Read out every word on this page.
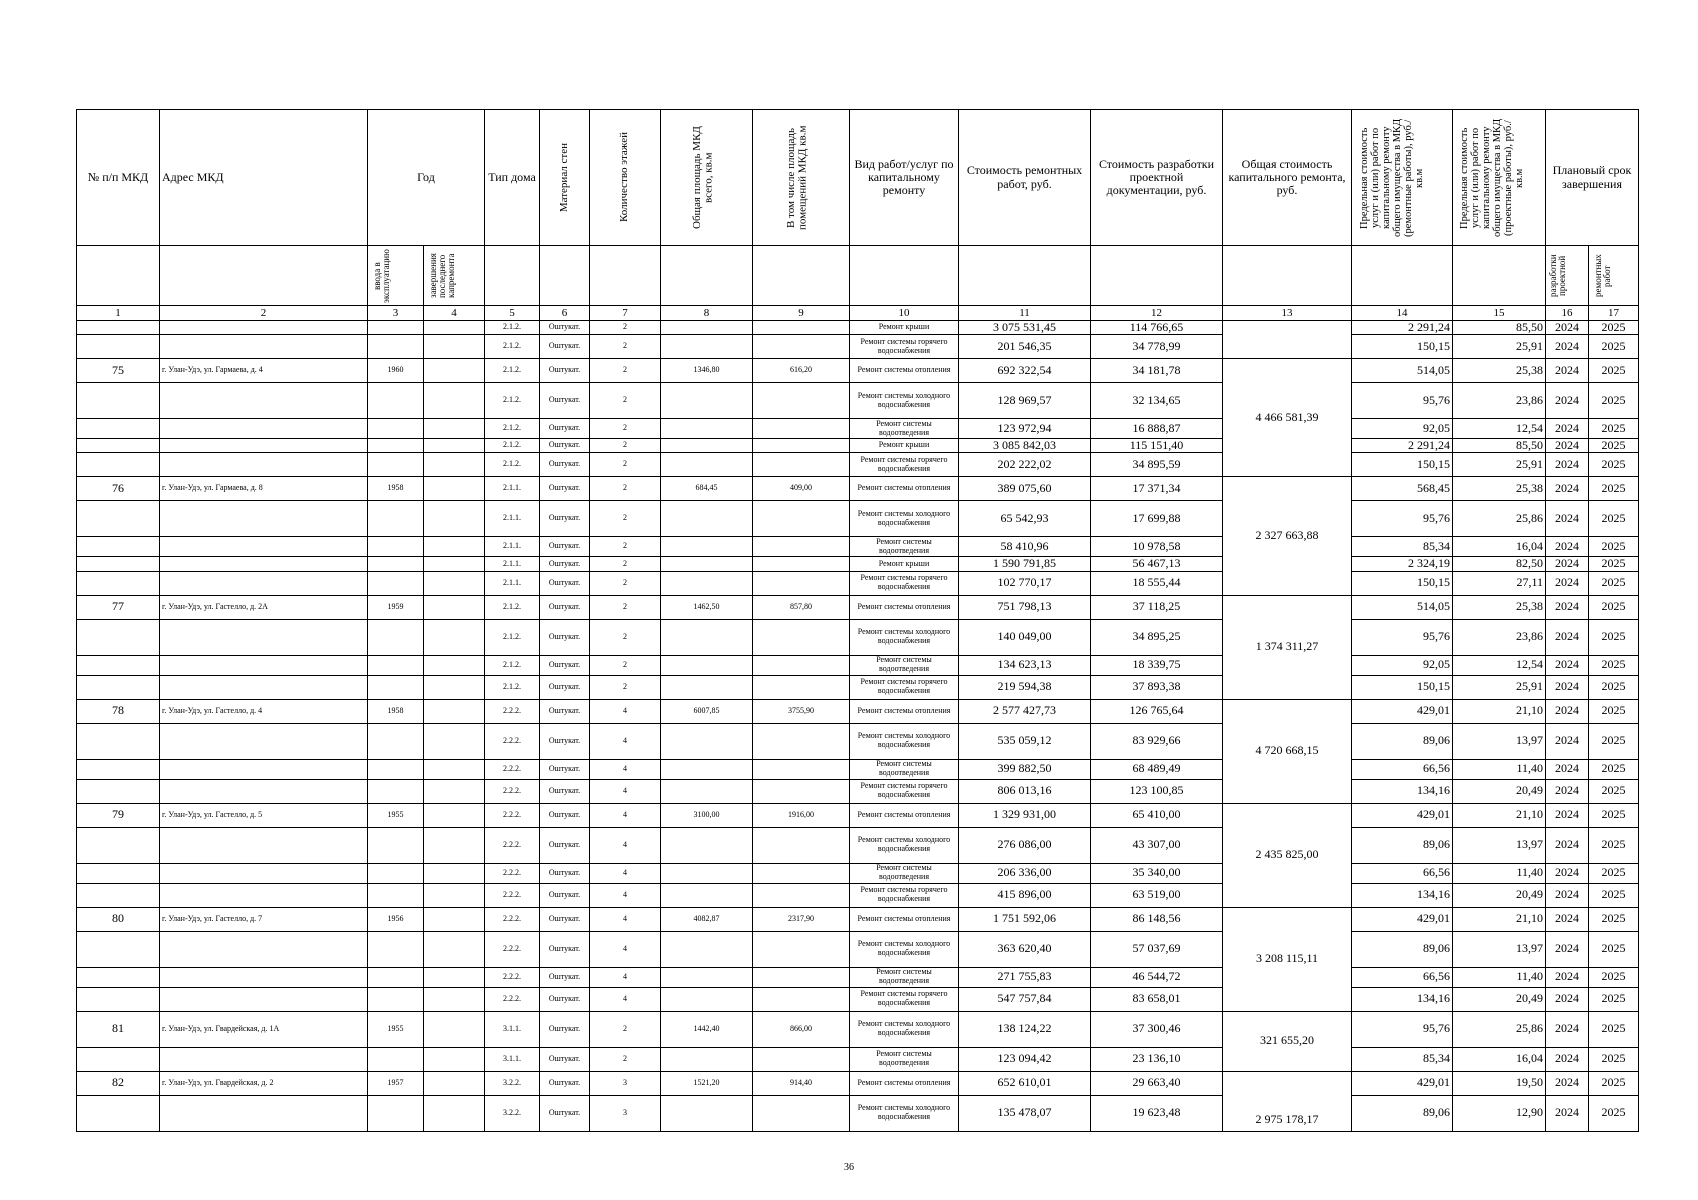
№ п/п МКД	Адрес МКД	Год		Тип дома	Материал стен	Количество этажей	Общая площадь МКД всего, кв.м	В том числе площадь помещений МКД кв.м	Вид работ/услуг по капитальному ремонту	Стоимость ремонтных работ, руб.	Стоимость разработки проектной документации, руб.	Общая стоимость капитального ремонта, руб.	Предельная стоимость услуг и (или) работ по капитальному ремонту общего имущества в МКД (ремонтные работы), руб./кв.м	Предельная стоимость услуг и (или) работ по капитальному ремонту общего имущества в МКД (проектные работы), руб./кв.м	Плановый срок завершения	

		ввода в эксплуатацию	завершения последнего капремонта												разработки проектной	ремонтных работ

1	2	3	4	5	6	7	8	9	10	11	12	13	14	15	16	17
				2.1.2.	Оштукат.	2			Ремонт крыши	3 075 531,45	114 766,65		2 291,24	85,50	2024	2025
				2.1.2.	Оштукат.	2			Ремонт системы горячего водоснабжения	201 546,35	34 778,99		150,15	25,91	2024	2025
75	г. Улан-Удэ, ул. Гармаева, д. 4	1960		2.1.2.	Оштукат.	2	1346,80	616,20	Ремонт системы отопления	692 322,54	34 181,78	4 466 581,39	514,05	25,38	2024	2025
				2.1.2.	Оштукат.	2			Ремонт системы холодного водоснабжения	128 969,57	32 134,65		95,76	23,86	2024	2025
				2.1.2.	Оштукат.	2			Ремонт системы водоотведения	123 972,94	16 888,87		92,05	12,54	2024	2025
				2.1.2.	Оштукат.	2			Ремонт крыши	3 085 842,03	115 151,40		2 291,24	85,50	2024	2025
				2.1.2.	Оштукат.	2			Ремонт системы горячего водоснабжения	202 222,02	34 895,59		150,15	25,91	2024	2025
76	г. Улан-Удэ, ул. Гармаева, д. 8	1958		2.1.1.	Оштукат.	2	684,45	409,00	Ремонт системы отопления	389 075,60	17 371,34	2 327 663,88	568,45	25,38	2024	2025
				2.1.1.	Оштукат.	2			Ремонт системы холодного водоснабжения	65 542,93	17 699,88		95,76	25,86	2024	2025
				2.1.1.	Оштукат.	2			Ремонт системы водоотведения	58 410,96	10 978,58		85,34	16,04	2024	2025
				2.1.1.	Оштукат.	2			Ремонт крыши	1 590 791,85	56 467,13		2 324,19	82,50	2024	2025
				2.1.1.	Оштукат.	2			Ремонт системы горячего водоснабжения	102 770,17	18 555,44		150,15	27,11	2024	2025
77	г. Улан-Удэ, ул. Гастелло, д. 2А	1959		2.1.2.	Оштукат.	2	1462,50	857,80	Ремонт системы отопления	751 798,13	37 118,25	1 374 311,27	514,05	25,38	2024	2025
				2.1.2.	Оштукат.	2			Ремонт системы холодного водоснабжения	140 049,00	34 895,25		95,76	23,86	2024	2025
				2.1.2.	Оштукат.	2			Ремонт системы водоотведения	134 623,13	18 339,75		92,05	12,54	2024	2025
				2.1.2.	Оштукат.	2			Ремонт системы горячего водоснабжения	219 594,38	37 893,38		150,15	25,91	2024	2025
78	г. Улан-Удэ, ул. Гастелло, д. 4	1958		2.2.2.	Оштукат.	4	6007,85	3755,90	Ремонт системы отопления	2 577 427,73	126 765,64	4 720 668,15	429,01	21,10	2024	2025
				2.2.2.	Оштукат.	4			Ремонт системы холодного водоснабжения	535 059,12	83 929,66		89,06	13,97	2024	2025
				2.2.2.	Оштукат.	4			Ремонт системы водоотведения	399 882,50	68 489,49		66,56	11,40	2024	2025
				2.2.2.	Оштукат.	4			Ремонт системы горячего водоснабжения	806 013,16	123 100,85		134,16	20,49	2024	2025
79	г. Улан-Удэ, ул. Гастелло, д. 5	1955		2.2.2.	Оштукат.	4	3100,00	1916,00	Ремонт системы отопления	1 329 931,00	65 410,00	2 435 825,00	429,01	21,10	2024	2025
				2.2.2.	Оштукат.	4			Ремонт системы холодного водоснабжения	276 086,00	43 307,00		89,06	13,97	2024	2025
				2.2.2.	Оштукат.	4			Ремонт системы водоотведения	206 336,00	35 340,00		66,56	11,40	2024	2025
				2.2.2.	Оштукат.	4			Ремонт системы горячего водоснабжения	415 896,00	63 519,00		134,16	20,49	2024	2025
80	г. Улан-Удэ, ул. Гастелло, д. 7	1956		2.2.2.	Оштукат.	4	4082,87	2317,90	Ремонт системы отопления	1 751 592,06	86 148,56	3 208 115,11	429,01	21,10	2024	2025
				2.2.2.	Оштукат.	4			Ремонт системы холодного водоснабжения	363 620,40	57 037,69		89,06	13,97	2024	2025
				2.2.2.	Оштукат.	4			Ремонт системы водоотведения	271 755,83	46 544,72		66,56	11,40	2024	2025
				2.2.2.	Оштукат.	4			Ремонт системы горячего водоснабжения	547 757,84	83 658,01		134,16	20,49	2024	2025
81	г. Улан-Удэ, ул. Гвардейская, д. 1А	1955		3.1.1.	Оштукат.	2	1442,40	866,00	Ремонт системы холодного водоснабжения	138 124,22	37 300,46	321 655,20	95,76	25,86	2024	2025
				3.1.1.	Оштукат.	2			Ремонт системы водоотведения	123 094,42	23 136,10		85,34	16,04	2024	2025
82	г. Улан-Удэ, ул. Гвардейская, д. 2	1957		3.2.2.	Оштукат.	3	1521,20	914,40	Ремонт системы отопления	652 610,01	29 663,40	2 975 178,17	429,01	19,50	2024	2025
				3.2.2.	Оштукат.	3			Ремонт системы холодного водоснабжения	135 478,07	19 623,48		89,06	12,90	2024	2025
36
